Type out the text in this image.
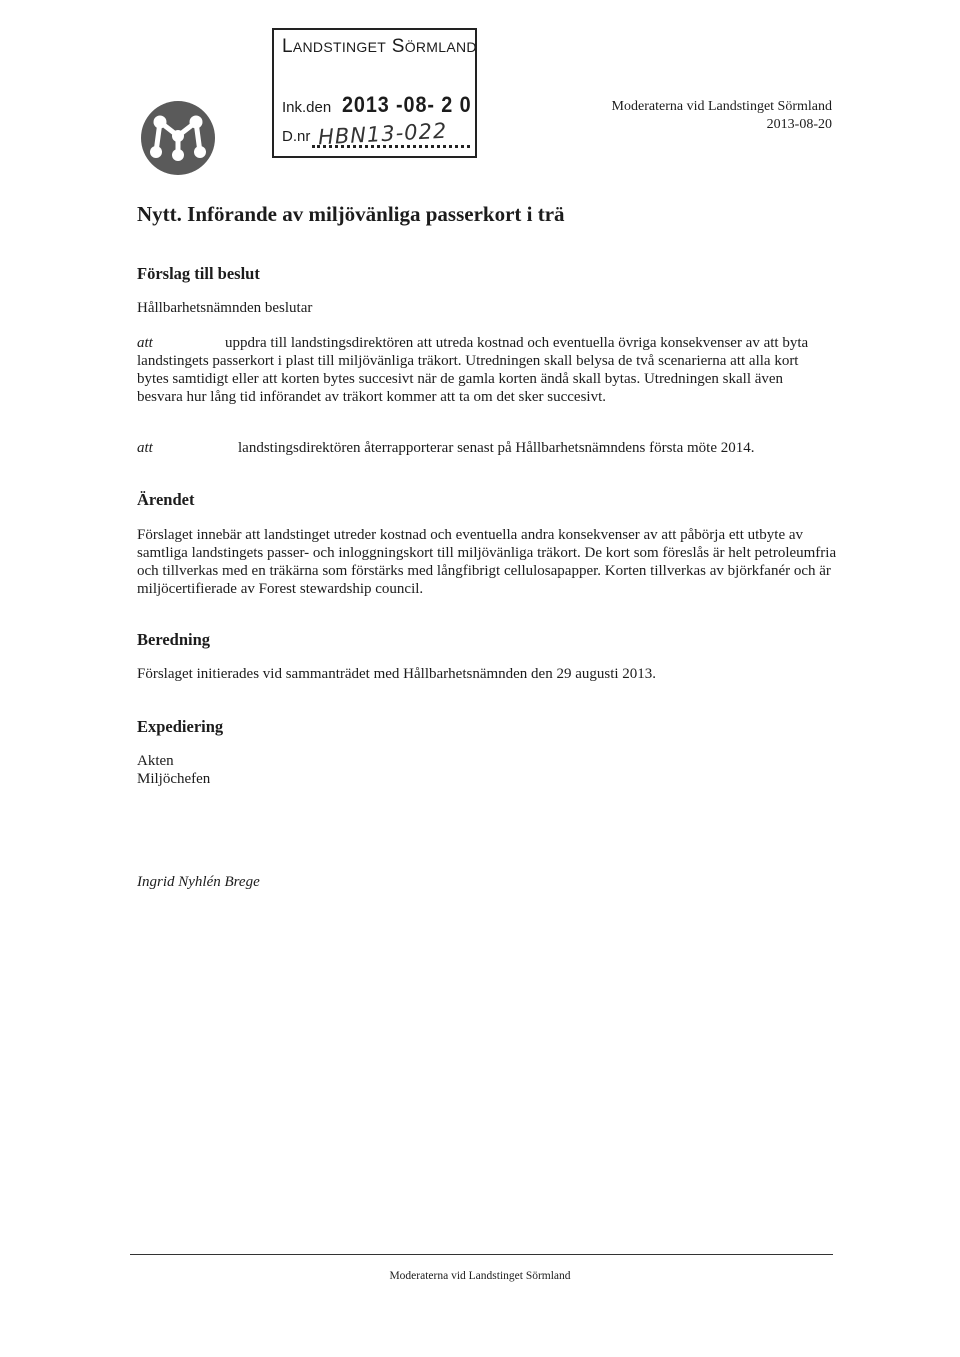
LANDSTINGET SÖRMLAND
Ink.den 2013 -08- 2 0
D.nr HBN13-022
Moderaterna vid Landstinget Sörmland
2013-08-20
Nytt. Införande av miljövänliga passerkort i trä
Förslag till beslut
Hållbarhetsnämnden beslutar
att	uppdra till landstingsdirektören att utreda kostnad och eventuella övriga konsekvenser av att byta landstingets passerkort i plast till miljövänliga träkort. Utredningen skall belysa de två scenarierna att alla kort bytes samtidigt eller att korten bytes succesivt när de gamla korten ändå skall bytas. Utredningen skall även besvara hur lång tid införandet av träkort kommer att ta om det sker succesivt.
att	landstingsdirektören återrapporterar senast på Hållbarhetsnämndens första möte 2014.
Ärendet
Förslaget innebär att landstinget utreder kostnad och eventuella andra konsekvenser av att påbörja ett utbyte av samtliga landstingets passer- och inloggningskort till miljövänliga träkort. De kort som föreslås är helt petroleumfria och tillverkas med en träkärna som förstärks med långfibrigt cellulosapapper. Korten tillverkas av björkfanér och är miljöcertifierade av Forest stewardship council.
Beredning
Förslaget initierades vid sammanträdet med Hållbarhetsnämnden den 29 augusti 2013.
Expediering
Akten
Miljöchefen
Ingrid Nyhlén Brege
Moderaterna vid Landstinget Sörmland
